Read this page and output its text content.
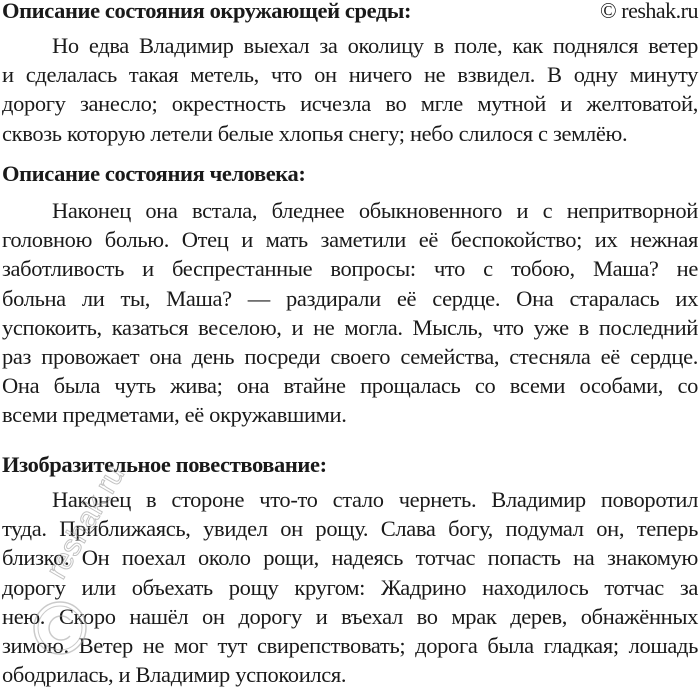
© reshak.ru
Описание состояния окружающей среды:
Но едва Владимир выехал за околицу в поле, как поднялся ветер
и сделалась такая метель, что он ничего не взвидел. В одну минуту
дорогу занесло; окрестность исчезла во мгле мутной и желтоватой,
сквозь которую летели белые хлопья снегу; небо слилося с землёю.
Описание состояния человека:
Наконец она встала, бледнее обыкновенного и с непритворной
головною болью. Отец и мать заметили её беспокойство; их нежная
заботливость и беспрестанные вопросы: что с тобою, Маша? не
больна ли ты, Маша? — раздирали её сердце. Она старалась их
успокоить, казаться веселою, и не могла. Мысль, что уже в последний
раз провожает она день посреди своего семейства, стесняла её сердце.
Она была чуть жива; она втайне прощалась со всеми особами, со
всеми предметами, её окружавшими.
Изобразительное повествование:
Наконец в стороне что-то стало чернеть. Владимир поворотил
туда. Приближаясь, увидел он рощу. Слава богу, подумал он, теперь
близко. Он поехал около рощи, надеясь тотчас попасть на знакомую
дорогу или объехать рощу кругом: Жадрино находилось тотчас за
нею. Скоро нашёл он дорогу и въехал во мрак дерев, обнажённых
зимою. Ветер не мог тут свирепствовать; дорога была гладкая; лошадь
ободрилась, и Владимир успокоился.
reshak.ru
